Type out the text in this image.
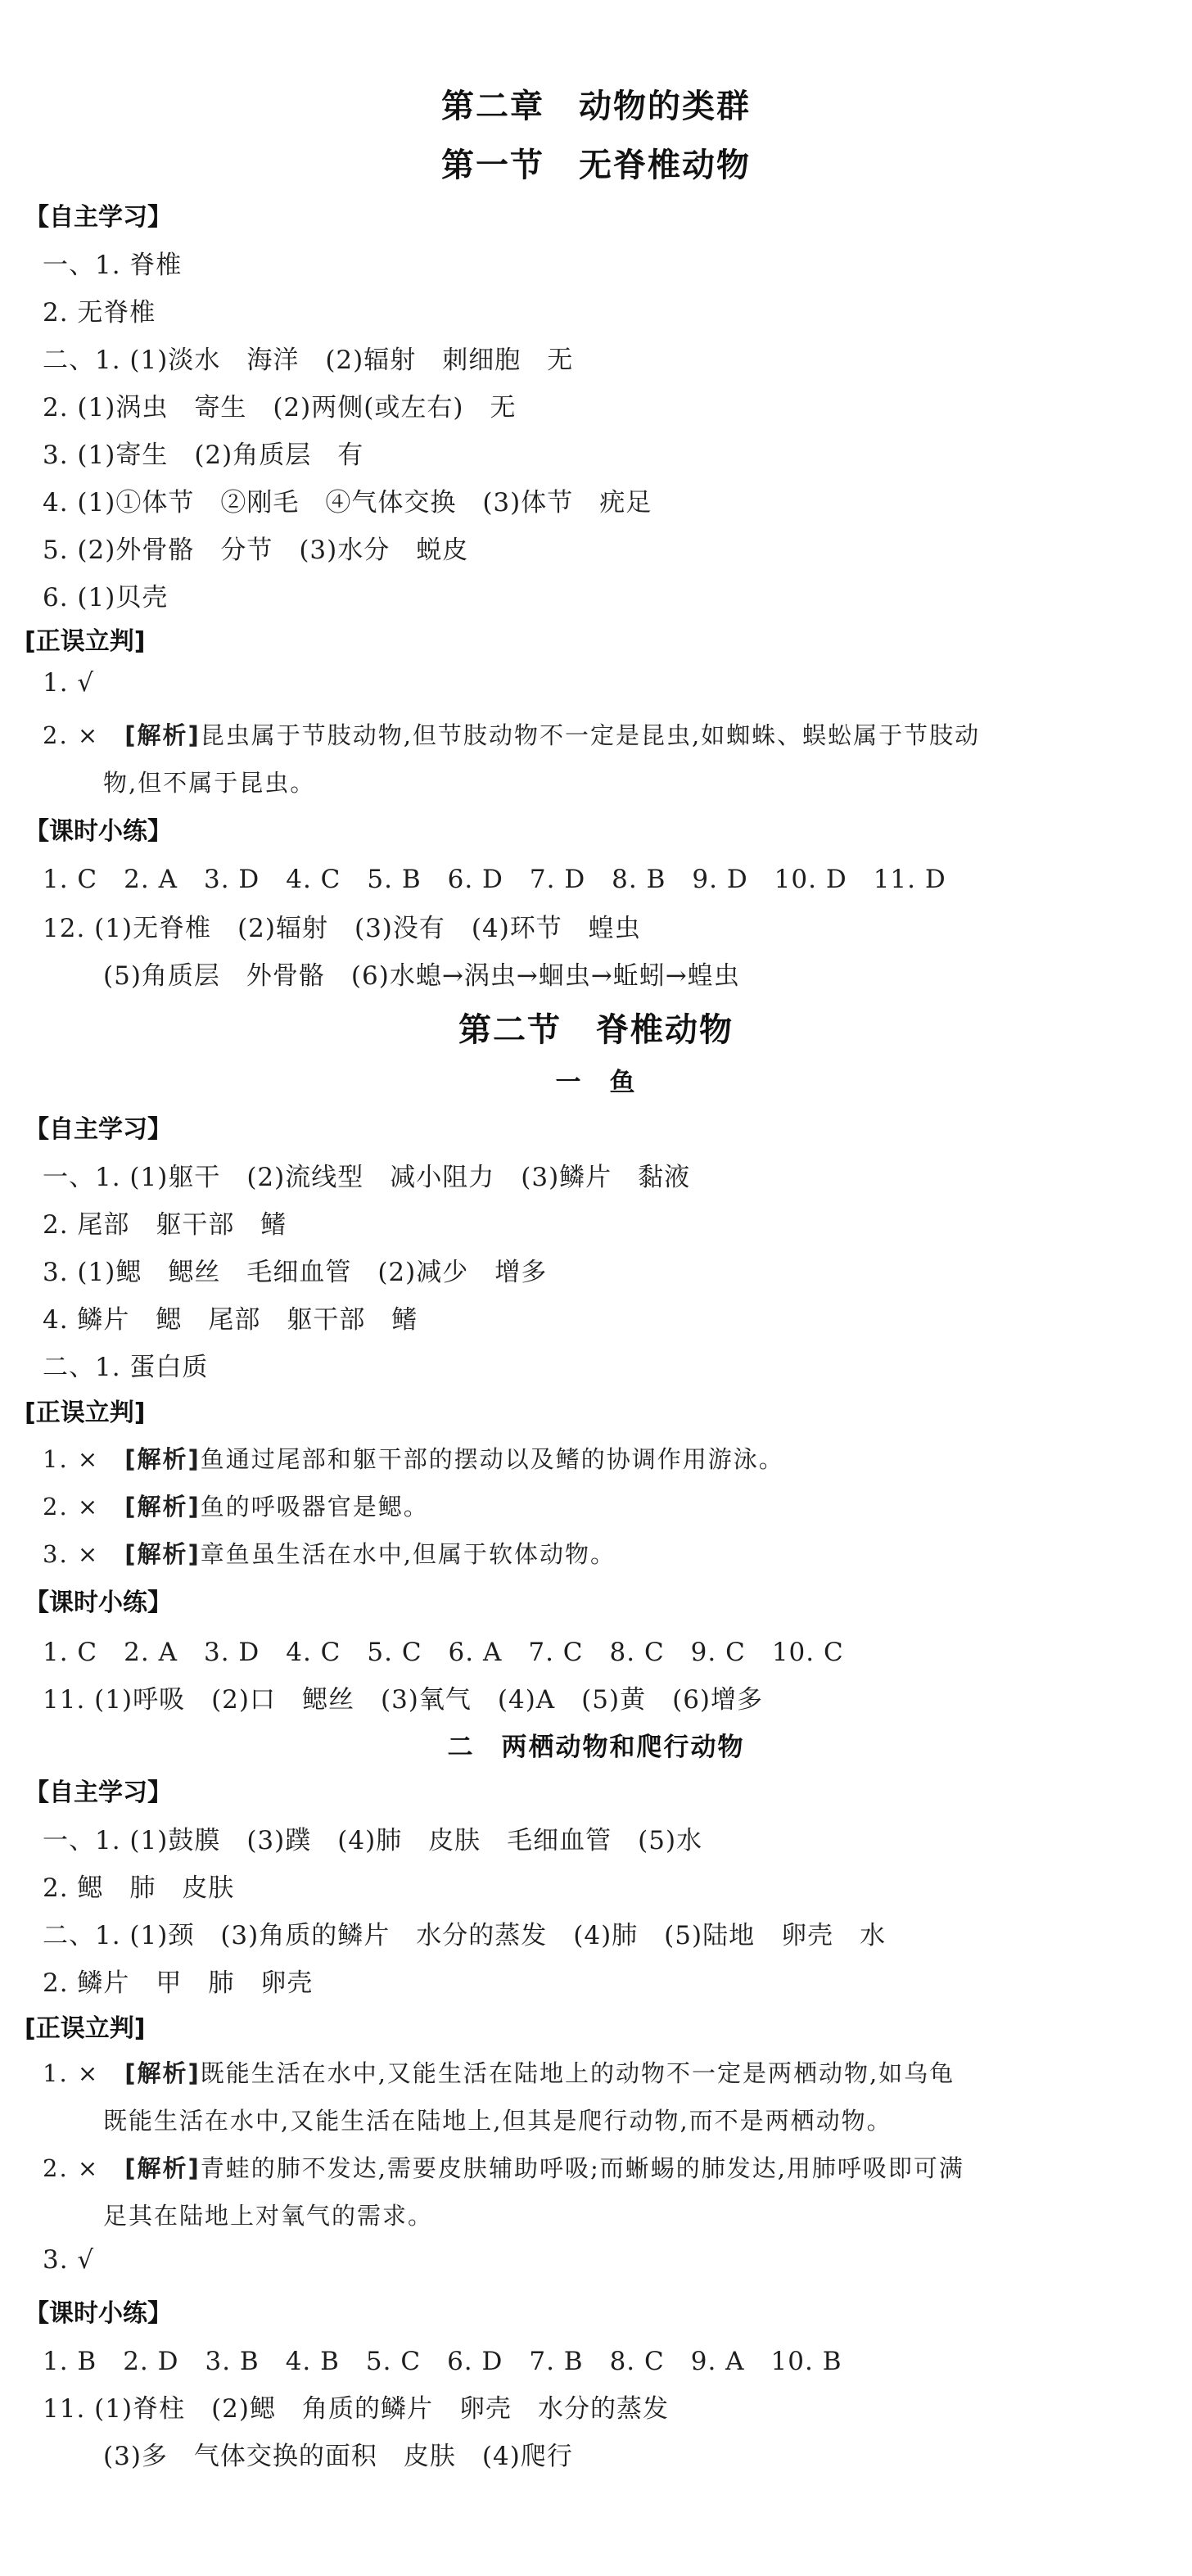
第二章　动物的类群
第一节　无脊椎动物
【自主学习】
一、1. 脊椎
2. 无脊椎
二、1. (1)淡水　海洋　(2)辐射　刺细胞　无
2. (1)涡虫　寄生　(2)两侧(或左右)　无
3. (1)寄生　(2)角质层　有
4. (1)①体节　②刚毛　④气体交换　(3)体节　疣足
5. (2)外骨骼　分节　(3)水分　蜕皮
6. (1)贝壳
[正误立判]
1. √
2. ×　 [解析]昆虫属于节肢动物,但节肢动物不一定是昆虫,如蜘蛛、蜈蚣属于节肢动
物,但不属于昆虫。
【课时小练】
1. C　2. A　3. D　4. C　5. B　6. D　7. D　8. B　9. D　10. D　11. D
12. (1)无脊椎　(2)辐射　(3)没有　(4)环节　蝗虫
(5)角质层　外骨骼　(6)水螅→涡虫→蛔虫→蚯蚓→蝗虫
第二节　脊椎动物
一　鱼
【自主学习】
一、1. (1)躯干　(2)流线型　减小阻力　(3)鳞片　黏液
2. 尾部　躯干部　鳍
3. (1)鳃　鳃丝　毛细血管　(2)减少　增多
4. 鳞片　鳃　尾部　躯干部　鳍
二、1. 蛋白质
[正误立判]
1. ×　 [解析]鱼通过尾部和躯干部的摆动以及鳍的协调作用游泳。
2. ×　 [解析]鱼的呼吸器官是鳃。
3. ×　 [解析]章鱼虽生活在水中,但属于软体动物。
【课时小练】
1. C　2. A　3. D　4. C　5. C　6. A　7. C　8. C　9. C　10. C
11. (1)呼吸　(2)口　鳃丝　(3)氧气　(4)A　(5)黄　(6)增多
二　两栖动物和爬行动物
【自主学习】
一、1. (1)鼓膜　(3)蹼　(4)肺　皮肤　毛细血管　(5)水
2. 鳃　肺　皮肤
二、1. (1)颈　(3)角质的鳞片　水分的蒸发　(4)肺　(5)陆地　卵壳　水
2. 鳞片　甲　肺　卵壳
[正误立判]
1. ×　 [解析]既能生活在水中,又能生活在陆地上的动物不一定是两栖动物,如乌龟
既能生活在水中,又能生活在陆地上,但其是爬行动物,而不是两栖动物。
2. ×　 [解析]青蛙的肺不发达,需要皮肤辅助呼吸;而蜥蜴的肺发达,用肺呼吸即可满
足其在陆地上对氧气的需求。
3. √
【课时小练】
1. B　2. D　3. B　4. B　5. C　6. D　7. B　8. C　9. A　10. B
11. (1)脊柱　(2)鳃　角质的鳞片　卵壳　水分的蒸发
(3)多　气体交换的面积　皮肤　(4)爬行
